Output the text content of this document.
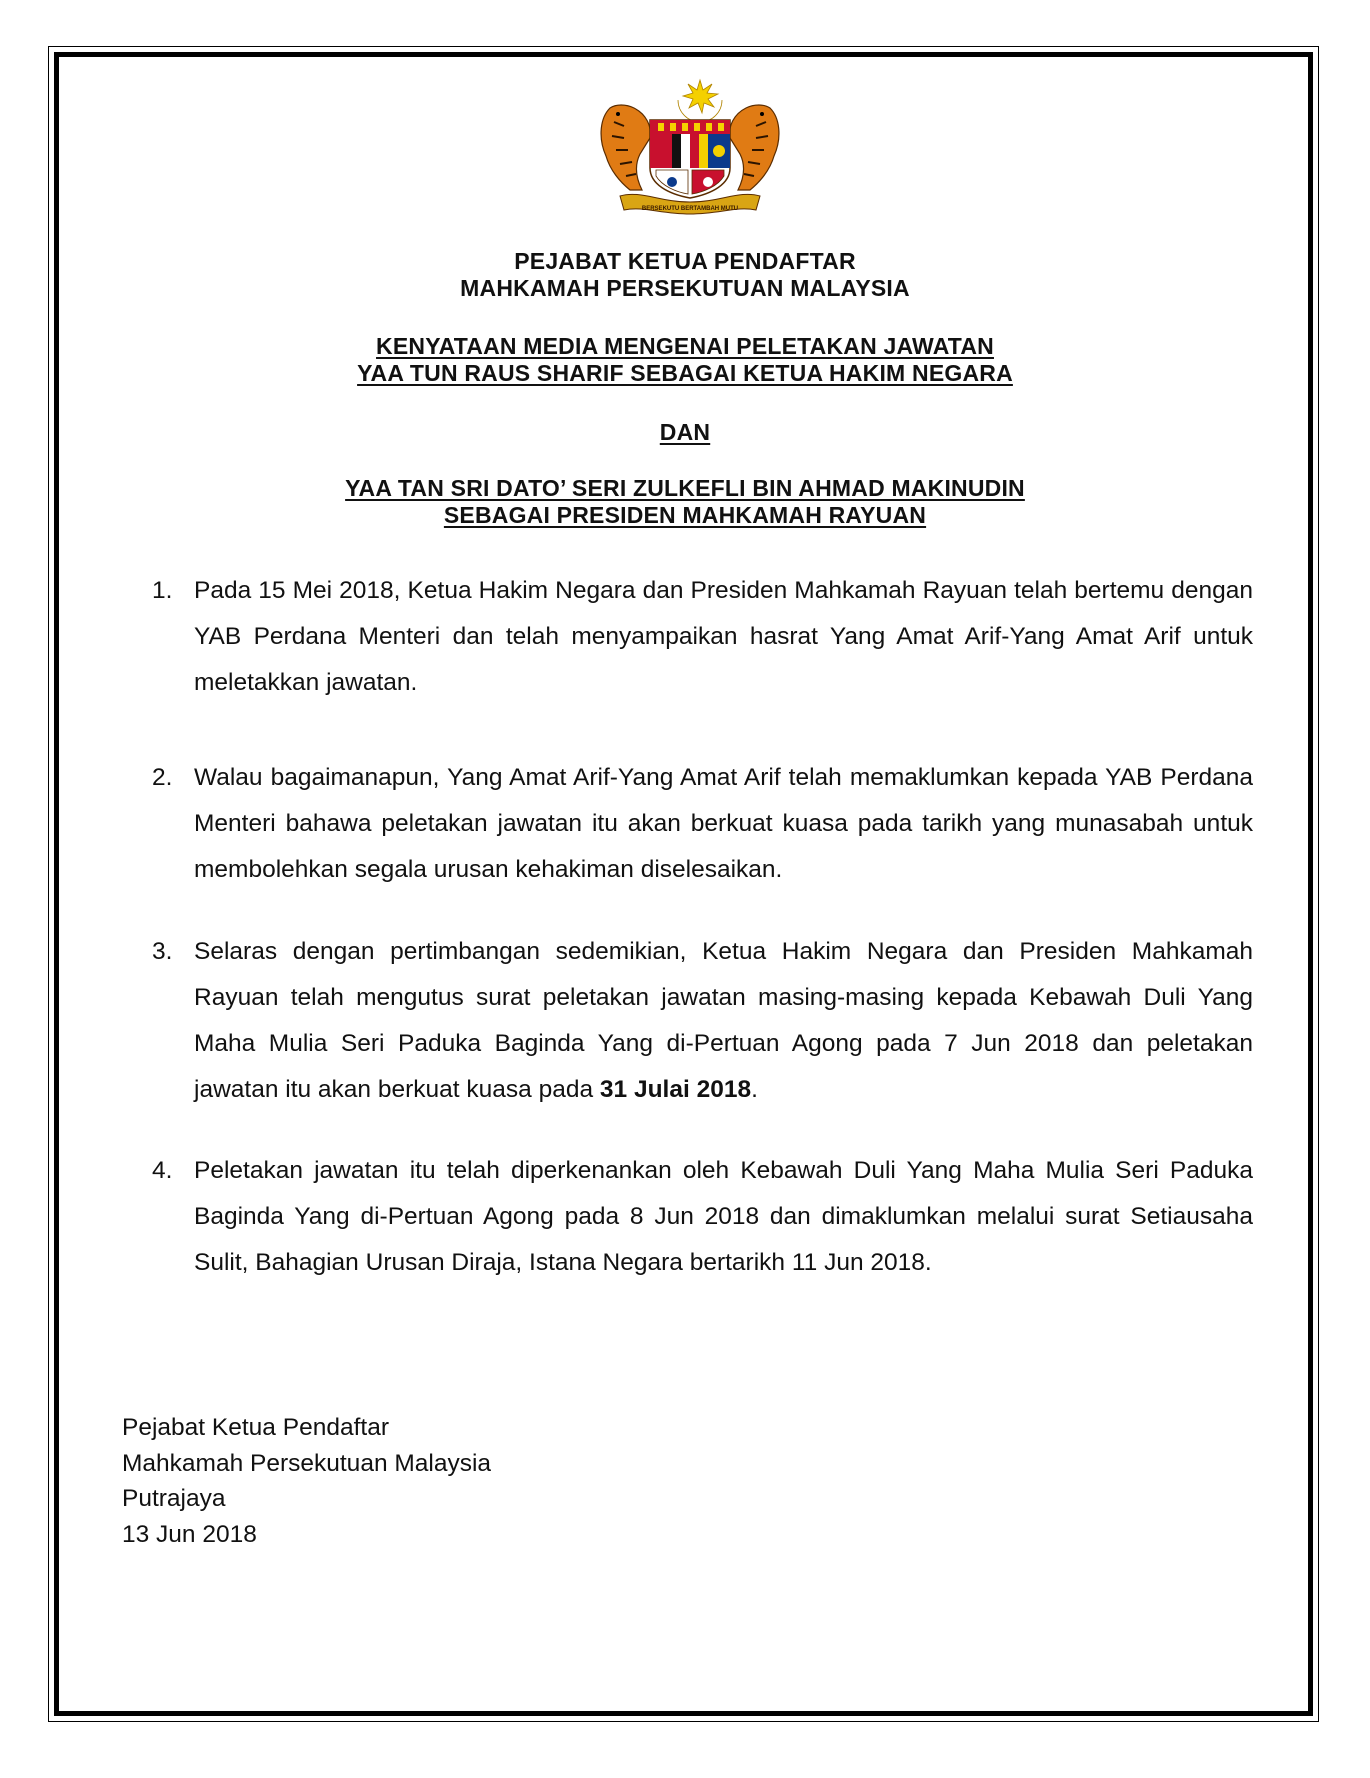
BERSEKUTU BERTAMBAH MUTU
PEJABAT KETUA PENDAFTAR
MAHKAMAH PERSEKUTUAN MALAYSIA
KENYATAAN MEDIA MENGENAI PELETAKAN JAWATAN
YAA TUN RAUS SHARIF SEBAGAI KETUA HAKIM NEGARA
DAN
YAA TAN SRI DATO’ SERI ZULKEFLI BIN AHMAD MAKINUDIN
SEBAGAI PRESIDEN MAHKAMAH RAYUAN
1. Pada 15 Mei 2018, Ketua Hakim Negara dan Presiden Mahkamah Rayuan telah bertemu dengan YAB Perdana Menteri dan telah menyampaikan hasrat Yang Amat Arif-Yang Amat Arif untuk meletakkan jawatan.
2. Walau bagaimanapun, Yang Amat Arif-Yang Amat Arif telah memaklumkan kepada YAB Perdana Menteri bahawa peletakan jawatan itu akan berkuat kuasa pada tarikh yang munasabah untuk membolehkan segala urusan kehakiman diselesaikan.
3. Selaras dengan pertimbangan sedemikian, Ketua Hakim Negara dan Presiden Mahkamah Rayuan telah mengutus surat peletakan jawatan masing-masing kepada Kebawah Duli Yang Maha Mulia Seri Paduka Baginda Yang di-Pertuan Agong pada 7 Jun 2018 dan peletakan jawatan itu akan berkuat kuasa pada 31 Julai 2018.
4. Peletakan jawatan itu telah diperkenankan oleh Kebawah Duli Yang Maha Mulia Seri Paduka Baginda Yang di-Pertuan Agong pada 8 Jun 2018 dan dimaklumkan melalui surat Setiausaha Sulit, Bahagian Urusan Diraja, Istana Negara bertarikh 11 Jun 2018.
Pejabat Ketua Pendaftar
Mahkamah Persekutuan Malaysia
Putrajaya
13 Jun 2018
